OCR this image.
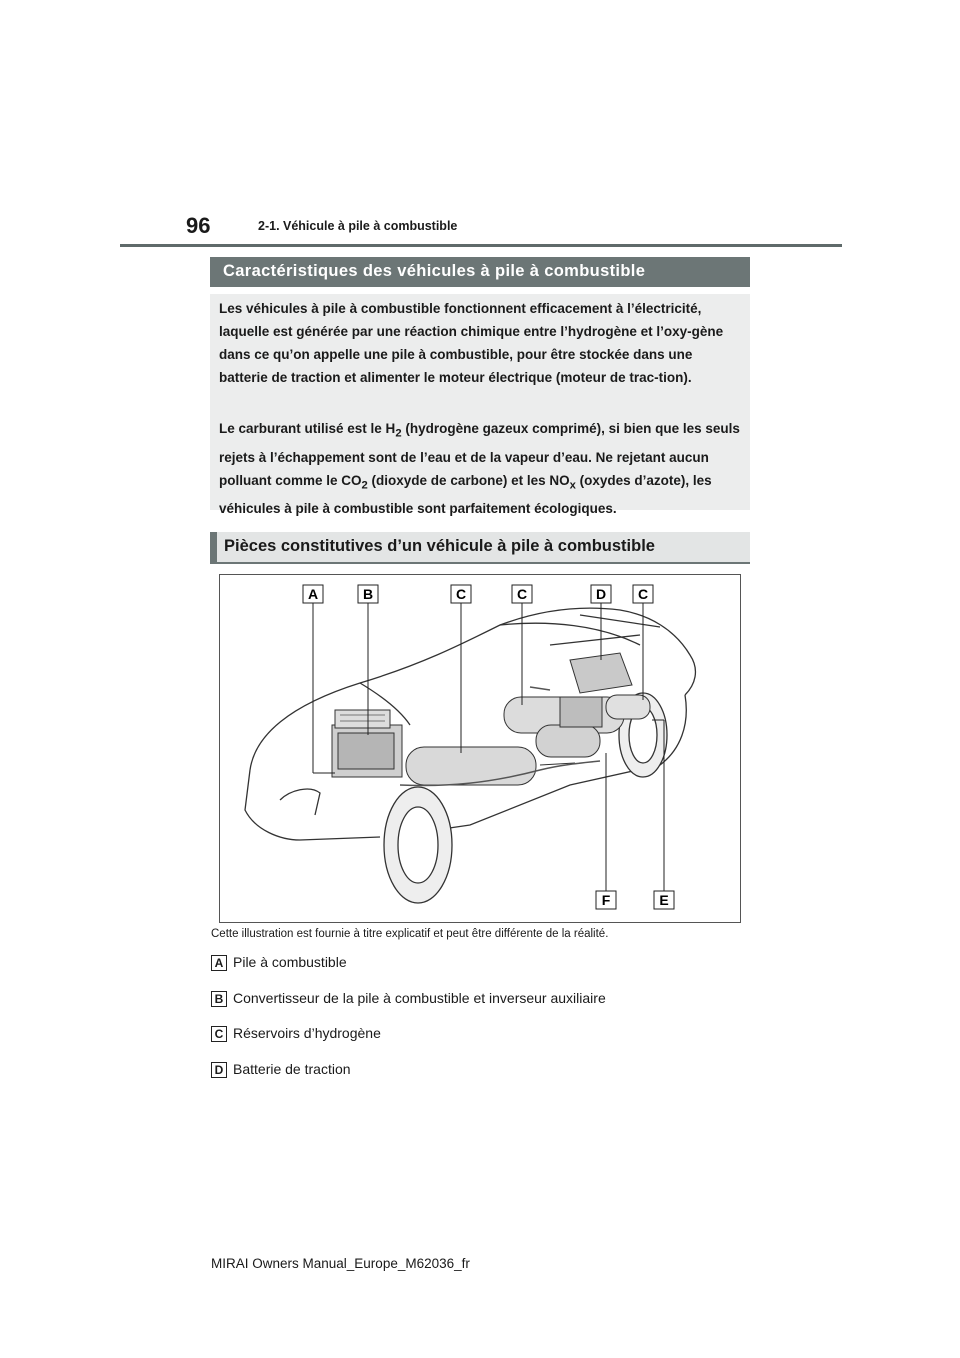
96	2-1. Véhicule à pile à combustible
Caractéristiques des véhicules à pile à combustible
Les véhicules à pile à combustible fonctionnent efficacement à l’électricité, laquelle est générée par une réaction chimique entre l’hydrogène et l’oxy-gène dans ce qu’on appelle une pile à combustible, pour être stockée dans une batterie de traction et alimenter le moteur électrique (moteur de trac-tion).
Le carburant utilisé est le $H_2$ (hydrogène gazeux comprimé), si bien que les seuls rejets à l’échappement sont de l’eau et de la vapeur d’eau. Ne rejetant aucun polluant comme le $CO_2$ (dioxyde de carbone) et les $NO_x$ (oxydes d’azote), les véhicules à pile à combustible sont parfaitement écologiques.
Pièces constitutives d’un véhicule à pile à combustible
A	B	C	C	D C
F	E
Cette illustration est fournie à titre explicatif et peut être différente de la réalité.
A Pile à combustible
B Convertisseur de la pile à combustible et inverseur auxiliaire
C Réservoirs d’hydrogène
D Batterie de traction
MIRAI Owners Manual_Europe_M62036_fr
